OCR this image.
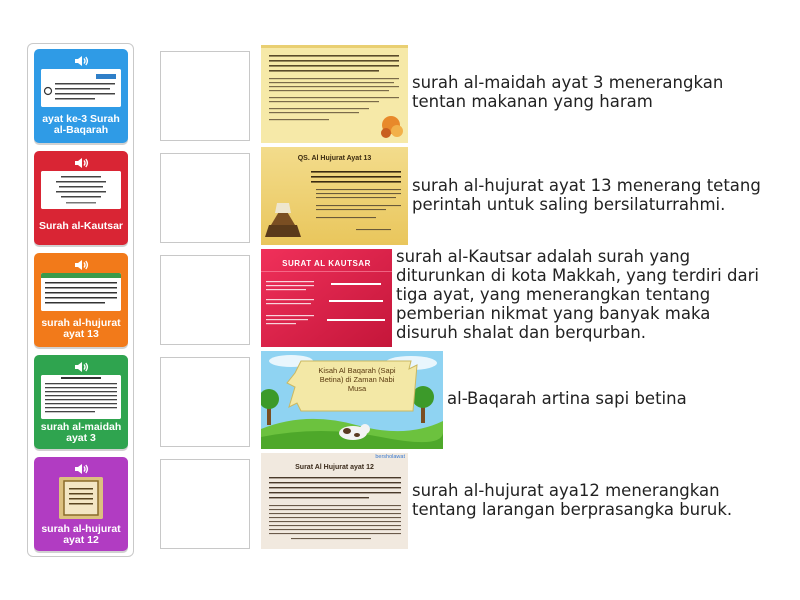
ayat ke-3 Surah al-Baqarah
Surah al-Kautsar
surah al-hujurat ayat 13
surah al-maidah ayat 3
surah al-hujurat ayat 12
QS. Al Hujurat Ayat 13
SURAT AL KAUTSAR
Kisah Al Baqarah (Sapi Betina) di Zaman Nabi Musa
bersholawat
Surat Al Hujurat ayat 12
surah al-maidah ayat 3 menerangkan tentan makanan yang haram
surah al-hujurat ayat 13 menerang tetang perintah untuk saling bersilaturrahmi.
surah al-Kautsar adalah surah yang diturunkan di kota Makkah, yang terdiri dari tiga ayat, yang menerangkan tentang pemberian nikmat yang banyak maka disuruh shalat dan berqurban.
al-Baqarah artina sapi betina
surah al-hujurat aya12 menerangkan tentang larangan berprasangka buruk.
